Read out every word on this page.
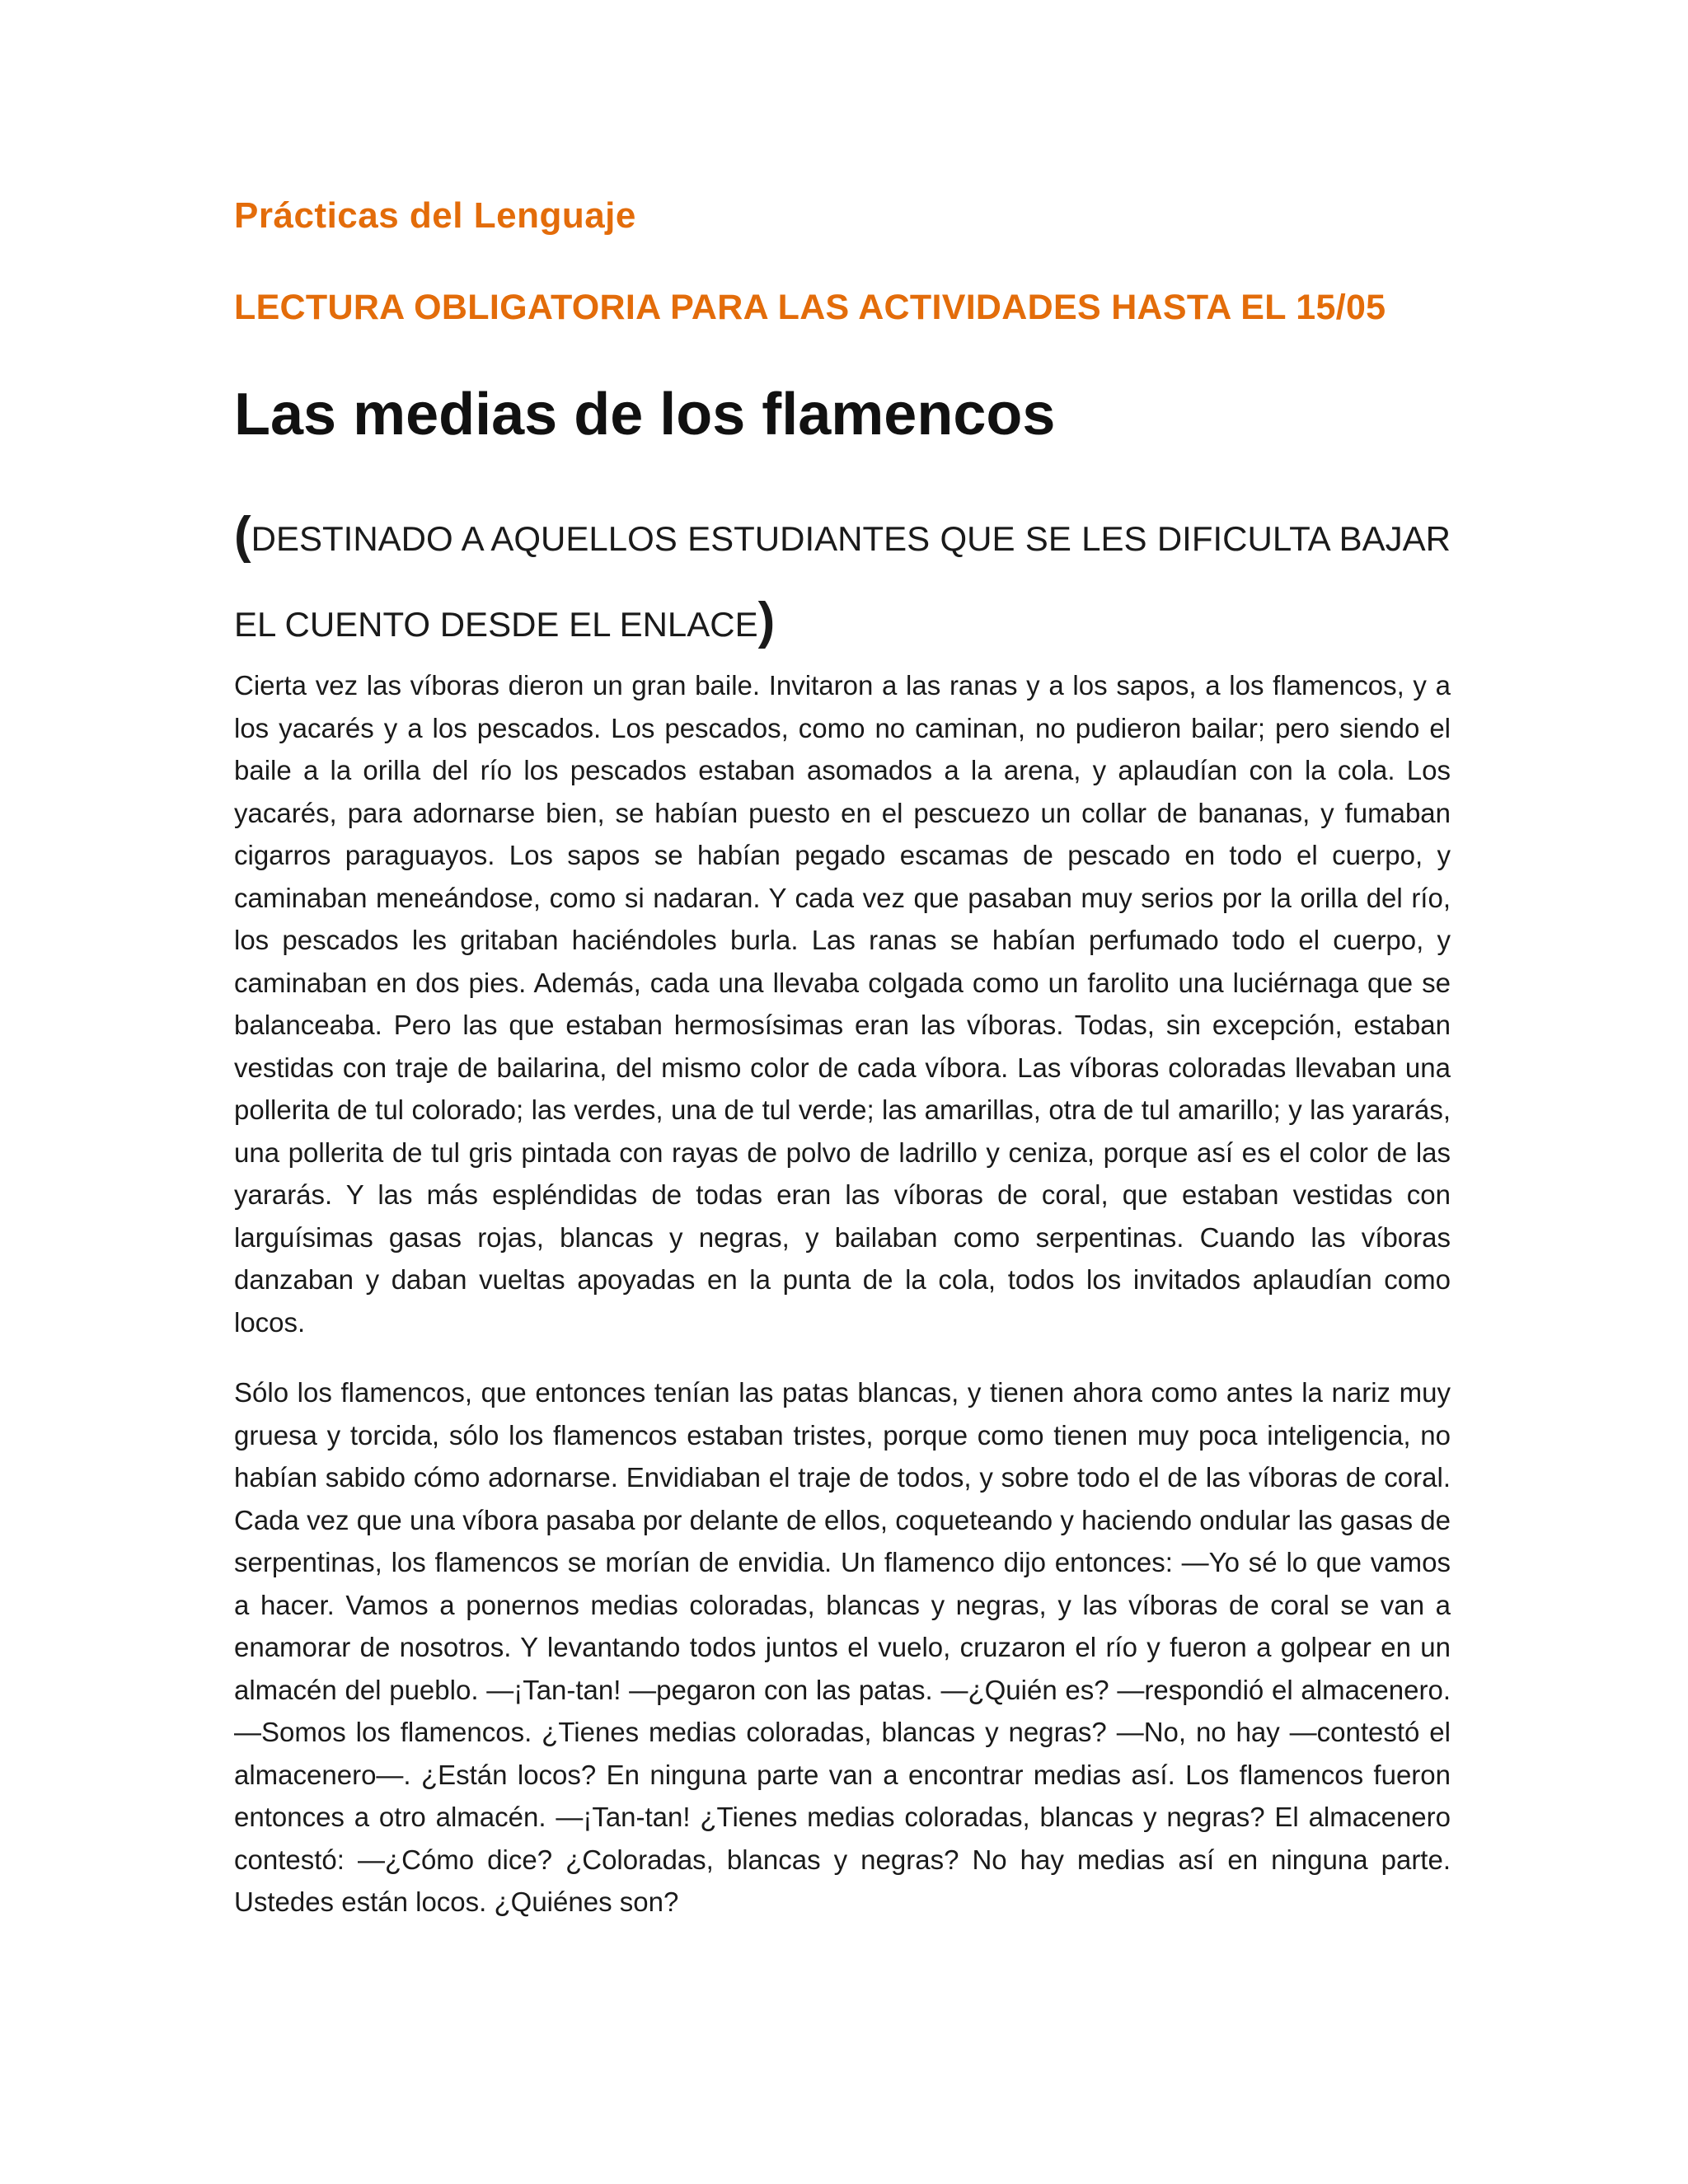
Prácticas del Lenguaje
LECTURA OBLIGATORIA PARA LAS ACTIVIDADES HASTA EL 15/05
Las medias de los flamencos

(DESTINADO A AQUELLOS ESTUDIANTES QUE SE LES DIFICULTA BAJAR EL CUENTO DESDE EL ENLACE)

Cierta vez las víboras dieron un gran baile. Invitaron a las ranas y a los sapos, a los flamencos, y a los yacarés y a los pescados. Los pescados, como no caminan, no pudieron bailar; pero siendo el baile a la orilla del río los pescados estaban asomados a la arena, y aplaudían con la cola. Los yacarés, para adornarse bien, se habían puesto en el pescuezo un collar de bananas, y fumaban cigarros paraguayos. Los sapos se habían pegado escamas de pescado en todo el cuerpo, y caminaban meneándose, como si nadaran. Y cada vez que pasaban muy serios por la orilla del río, los pescados les gritaban haciéndoles burla. Las ranas se habían perfumado todo el cuerpo, y caminaban en dos pies. Además, cada una llevaba colgada como un farolito una luciérnaga que se balanceaba. Pero las que estaban hermosísimas eran las víboras. Todas, sin excepción, estaban vestidas con traje de bailarina, del mismo color de cada víbora. Las víboras coloradas llevaban una pollerita de tul colorado; las verdes, una de tul verde; las amarillas, otra de tul amarillo; y las yararás, una pollerita de tul gris pintada con rayas de polvo de ladrillo y ceniza, porque así es el color de las yararás. Y las más espléndidas de todas eran las víboras de coral, que estaban vestidas con larguísimas gasas rojas, blancas y negras, y bailaban como serpentinas. Cuando las víboras danzaban y daban vueltas apoyadas en la punta de la cola, todos los invitados aplaudían como locos.

Sólo los flamencos, que entonces tenían las patas blancas, y tienen ahora como antes la nariz muy gruesa y torcida, sólo los flamencos estaban tristes, porque como tienen muy poca inteligencia, no habían sabido cómo adornarse. Envidiaban el traje de todos, y sobre todo el de las víboras de coral. Cada vez que una víbora pasaba por delante de ellos, coqueteando y haciendo ondular las gasas de serpentinas, los flamencos se morían de envidia. Un flamenco dijo entonces: —Yo sé lo que vamos a hacer. Vamos a ponernos medias coloradas, blancas y negras, y las víboras de coral se van a enamorar de nosotros. Y levantando todos juntos el vuelo, cruzaron el río y fueron a golpear en un almacén del pueblo. —¡Tan-tan! —pegaron con las patas. —¿Quién es? —respondió el almacenero. —Somos los flamencos. ¿Tienes medias coloradas, blancas y negras? —No, no hay —contestó el almacenero—. ¿Están locos? En ninguna parte van a encontrar medias así. Los flamencos fueron entonces a otro almacén. —¡Tan-tan! ¿Tienes medias coloradas, blancas y negras? El almacenero contestó: —¿Cómo dice? ¿Coloradas, blancas y negras? No hay medias así en ninguna parte. Ustedes están locos. ¿Quiénes son?
